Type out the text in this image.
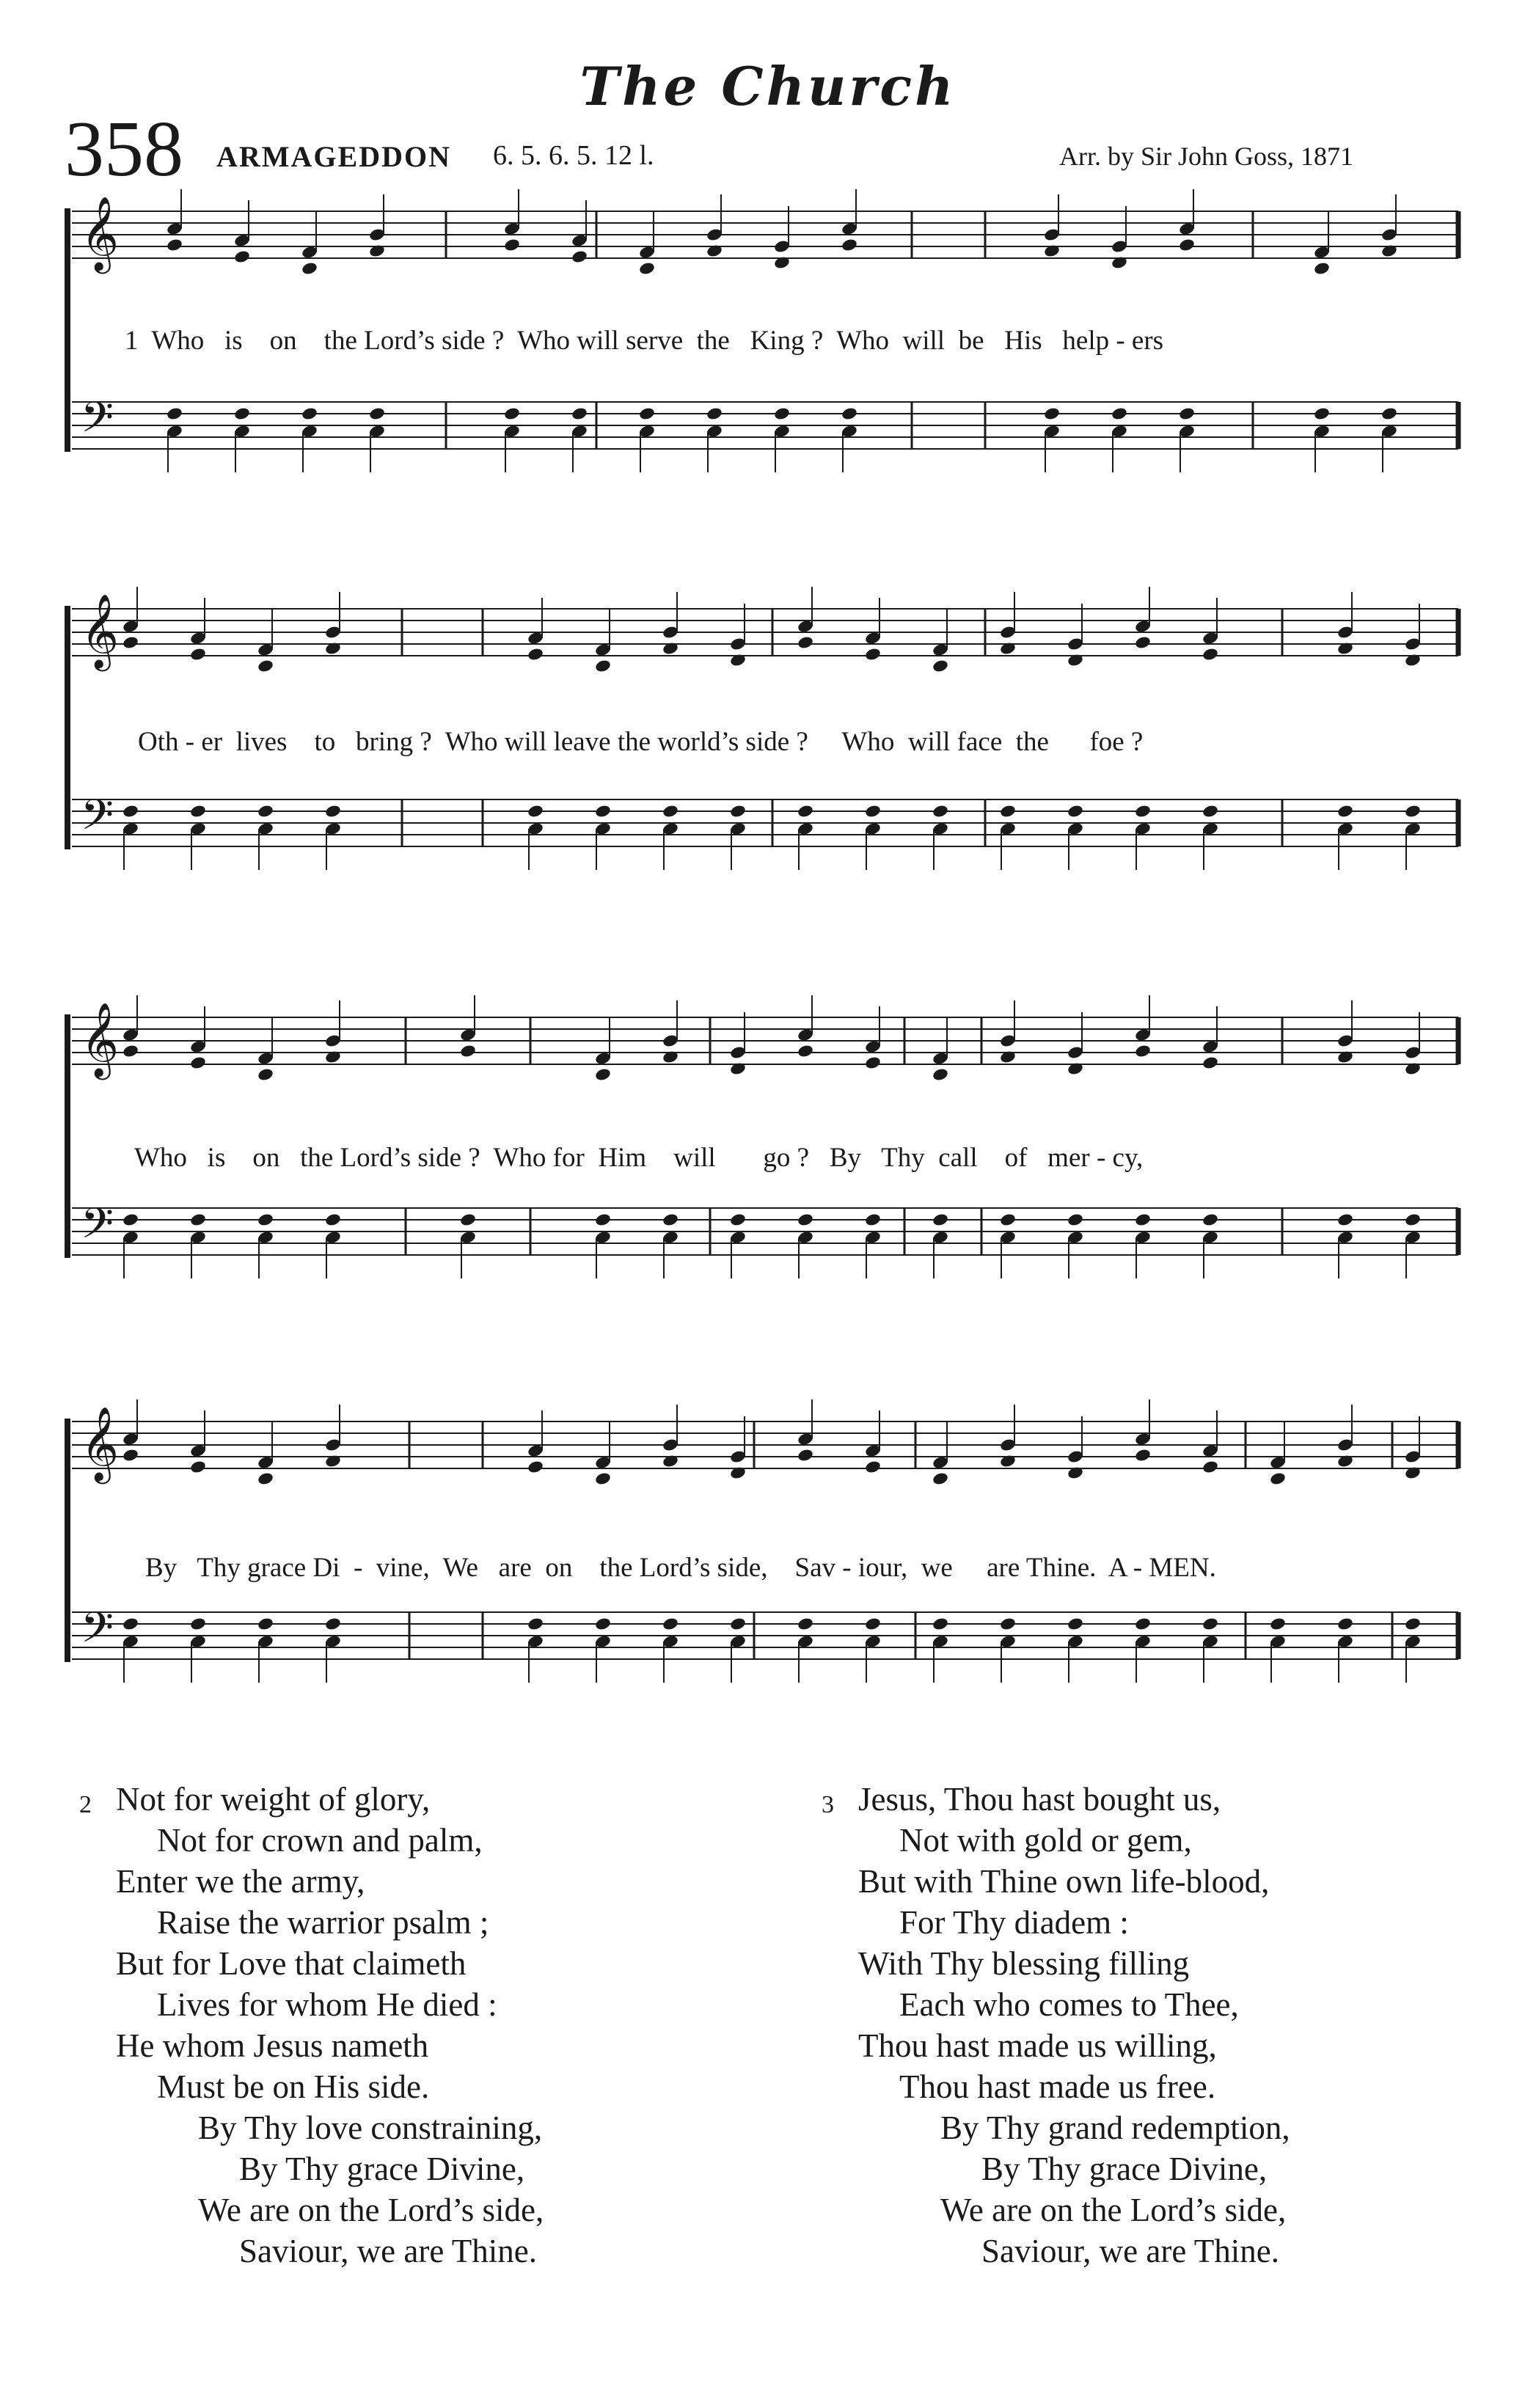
The Church
358 ARMAGEDDON 6. 5. 6. 5. 12 l.	Arr. by Sir John Goss, 1871
𝄞
𝄢
1  Who   is    on    the Lord’s side ?  Who will serve  the   King ?  Who  will  be   His   help - ers
𝄞
𝄢
Oth - er  lives    to   bring ?  Who will leave the world’s side ?     Who  will face  the      foe ?
𝄞
𝄢
Who   is    on   the Lord’s side ?  Who for  Him    will       go ?   By   Thy  call    of   mer - cy,
𝄞
𝄢
By   Thy grace Di  -  vine,  We   are  on    the Lord’s side,    Sav - iour,  we     are Thine.  A - MEN.
2 Not for weight of glory,
Not for crown and palm,
Enter we the army,
Raise the warrior psalm ;
But for Love that claimeth
Lives for whom He died :
He whom Jesus nameth
Must be on His side.
By Thy love constraining,
By Thy grace Divine,
We are on the Lord’s side,
Saviour, we are Thine.
3 Jesus, Thou hast bought us,
Not with gold or gem,
But with Thine own life-blood,
For Thy diadem :
With Thy blessing filling
Each who comes to Thee,
Thou hast made us willing,
Thou hast made us free.
By Thy grand redemption,
By Thy grace Divine,
We are on the Lord’s side,
Saviour, we are Thine.
